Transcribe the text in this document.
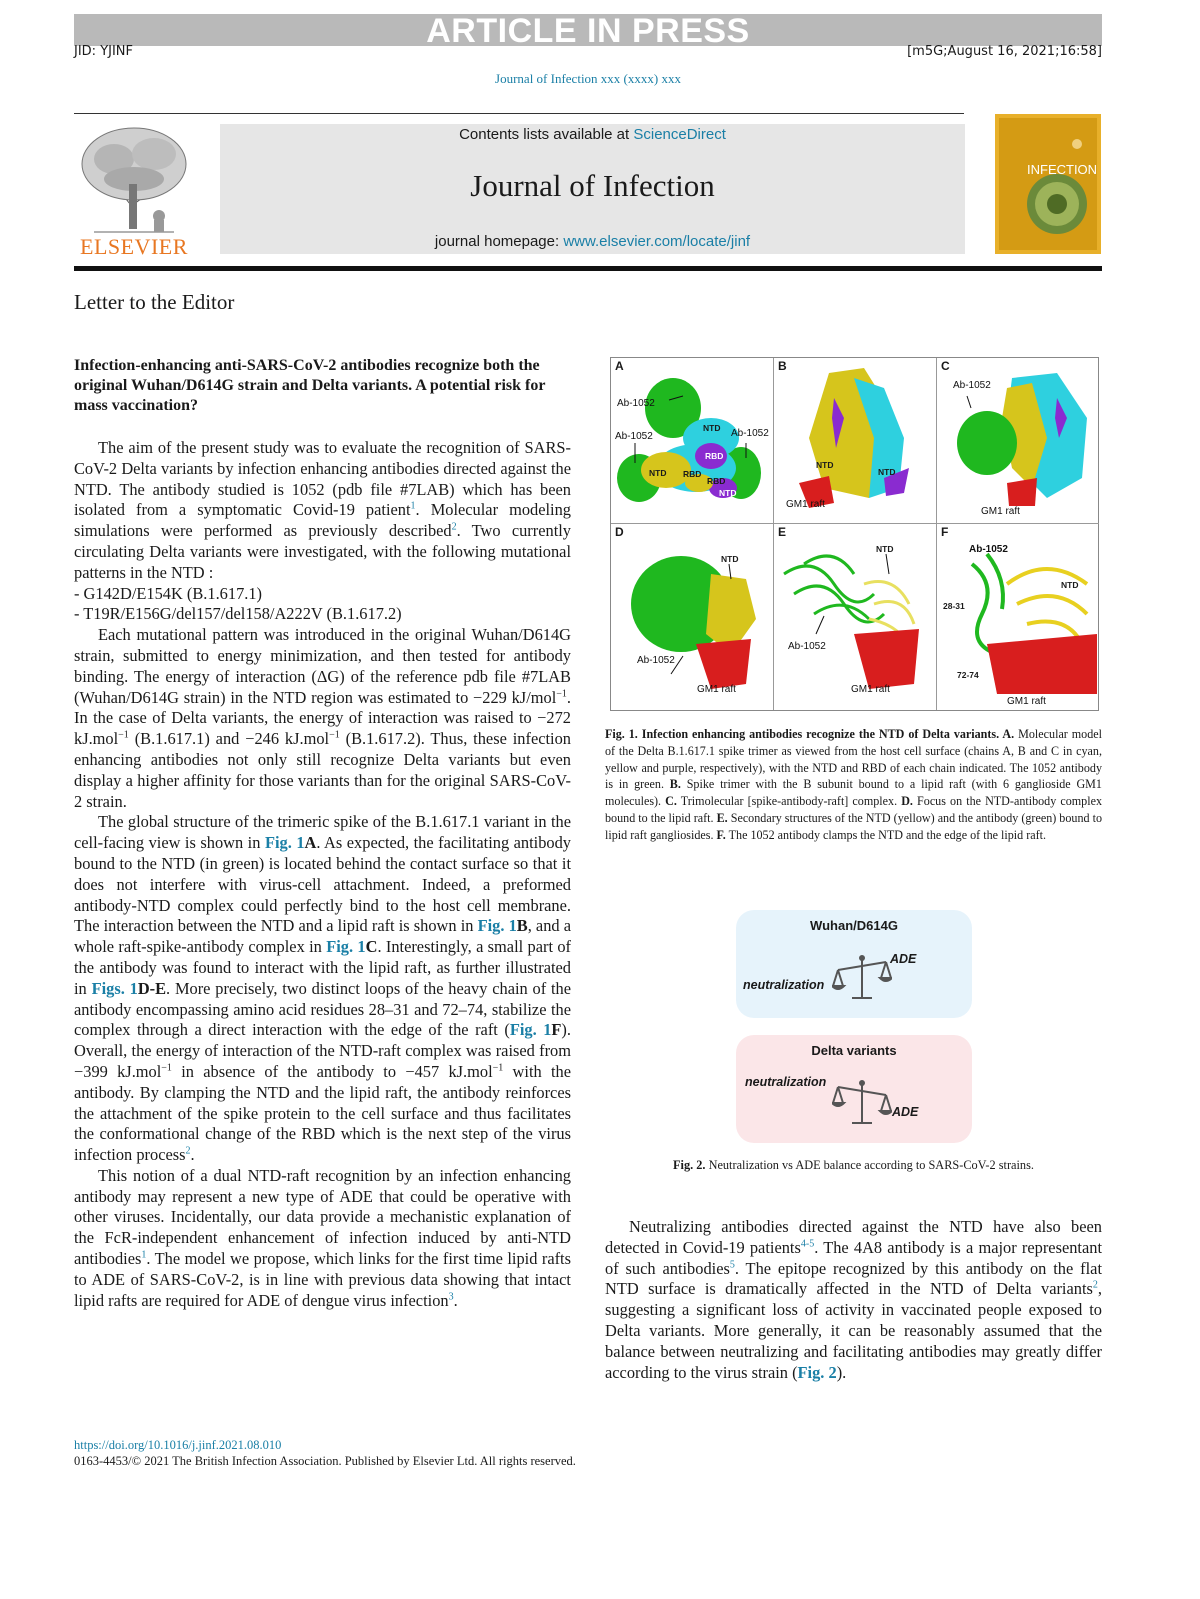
ARTICLE IN PRESS
JID: YJINF	[m5G;August 16, 2021;16:58]
Journal of Infection xxx (xxxx) xxx
ELSEVIER
Contents lists available at ScienceDirect
Journal of Infection
journal homepage: www.elsevier.com/locate/jinf
INFECTION
Letter to the Editor
Infection-enhancing anti-SARS-CoV-2 antibodies recognize both the original Wuhan/D614G strain and Delta variants. A potential risk for mass vaccination?

The aim of the present study was to evaluate the recognition of SARS-CoV-2 Delta variants by infection enhancing antibodies directed against the NTD. The antibody studied is 1052 (pdb file #7LAB) which has been isolated from a symptomatic Covid-19 patient$^1$. Molecular modeling simulations were performed as previously described$^2$. Two currently circulating Delta variants were investigated, with the following mutational patterns in the NTD :

- G142D/E154K (B.1.617.1)
- T19R/E156G/del157/del158/A222V (B.1.617.2)

Each mutational pattern was introduced in the original Wuhan/D614G strain, submitted to energy minimization, and then tested for antibody binding. The energy of interaction (ΔG) of the reference pdb file #7LAB (Wuhan/D614G strain) in the NTD region was estimated to −229 kJ/mol$^{-1}$. In the case of Delta variants, the energy of interaction was raised to −272 kJ.mol$^{-1}$ (B.1.617.1) and −246 kJ.mol$^{-1}$ (B.1.617.2). Thus, these infection enhancing antibodies not only still recognize Delta variants but even display a higher affinity for those variants than for the original SARS-CoV-2 strain.

The global structure of the trimeric spike of the B.1.617.1 variant in the cell-facing view is shown in Fig. 1A. As expected, the facilitating antibody bound to the NTD (in green) is located behind the contact surface so that it does not interfere with virus-cell attachment. Indeed, a preformed antibody-NTD complex could perfectly bind to the host cell membrane. The interaction between the NTD and a lipid raft is shown in Fig. 1B, and a whole raft-spike-antibody complex in Fig. 1C. Interestingly, a small part of the antibody was found to interact with the lipid raft, as further illustrated in Figs. 1D-E. More precisely, two distinct loops of the heavy chain of the antibody encompassing amino acid residues 28–31 and 72–74, stabilize the complex through a direct interaction with the edge of the raft (Fig. 1F). Overall, the energy of interaction of the NTD-raft complex was raised from −399 kJ.mol$^{-1}$ in absence of the antibody to −457 kJ.mol$^{-1}$ with the antibody. By clamping the NTD and the lipid raft, the antibody reinforces the attachment of the spike protein to the cell surface and thus facilitates the conformational change of the RBD which is the next step of the virus infection process$^2$.

This notion of a dual NTD-raft recognition by an infection enhancing antibody may represent a new type of ADE that could be operative with other viruses. Incidentally, our data provide a mechanistic explanation of the FcR-independent enhancement of infection induced by anti-NTD antibodies$^1$. The model we propose, which links for the first time lipid rafts to ADE of SARS-CoV-2, is in line with previous data showing that intact lipid rafts are required for ADE of dengue virus infection$^3$.

A
Ab-1052
Ab-1052	Ab-1052
NTD
RBD
NTD RBD
RBD
NTD
B
NTD
NTD
GM1 raft
C
Ab-1052
GM1 raft
D
NTD
Ab-1052
GM1 raft
E
NTD
Ab-1052
GM1 raft
F
Ab-1052
NTD
28-31
72-74
GM1 raft
Fig. 1. Infection enhancing antibodies recognize the NTD of Delta variants. A. Molecular model of the Delta B.1.617.1 spike trimer as viewed from the host cell surface (chains A, B and C in cyan, yellow and purple, respectively), with the NTD and RBD of each chain indicated. The 1052 antibody is in green. B. Spike trimer with the B subunit bound to a lipid raft (with 6 ganglioside GM1 molecules). C. Trimolecular [spike-antibody-raft] complex. D. Focus on the NTD-antibody complex bound to the lipid raft. E. Secondary structures of the NTD (yellow) and the antibody (green) bound to lipid raft gangliosides. F. The 1052 antibody clamps the NTD and the edge of the lipid raft.
Wuhan/D614G
neutralization
ADE
Delta variants
neutralization
ADE
Fig. 2. Neutralization vs ADE balance according to SARS-CoV-2 strains.

Neutralizing antibodies directed against the NTD have also been detected in Covid-19 patients$^{4-5}$. The 4A8 antibody is a major representant of such antibodies$^5$. The epitope recognized by this antibody on the flat NTD surface is dramatically affected in the NTD of Delta variants$^2$, suggesting a significant loss of activity in vaccinated people exposed to Delta variants. More generally, it can be reasonably assumed that the balance between neutralizing and facilitating antibodies may greatly differ according to the virus strain (Fig. 2).

https://doi.org/10.1016/j.jinf.2021.08.010
0163-4453/© 2021 The British Infection Association. Published by Elsevier Ltd. All rights reserved.
